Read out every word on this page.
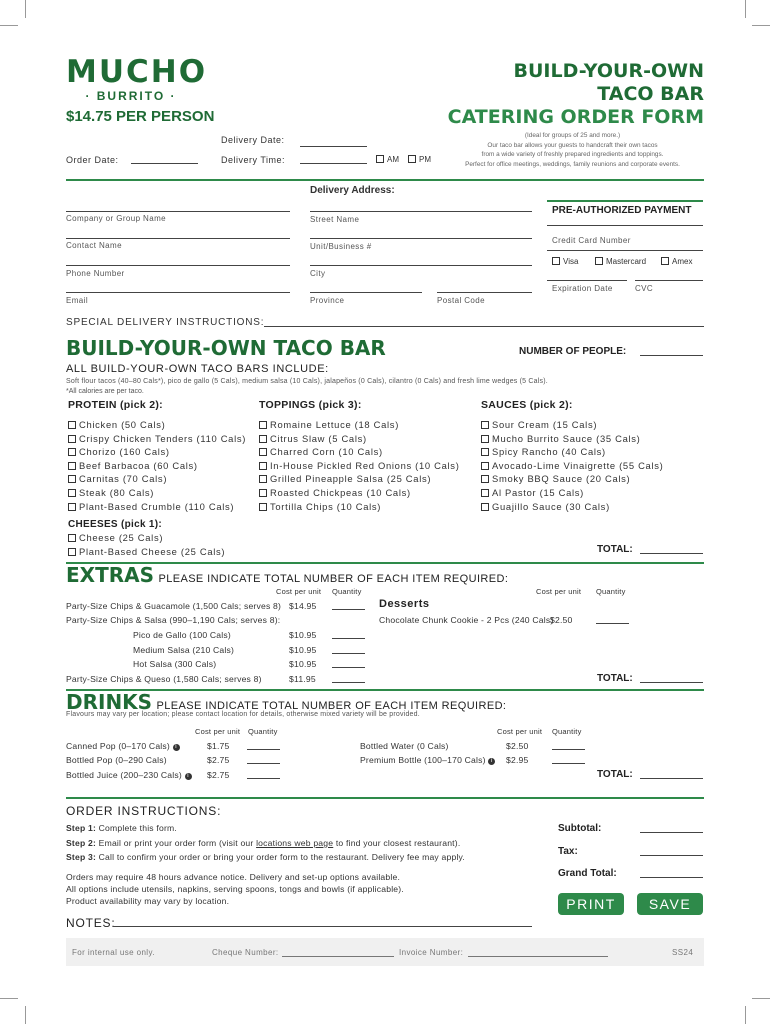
MUCHO
· BURRITO ·
$14.75 PER PERSON
BUILD-YOUR-OWN
TACO BAR
CATERING ORDER FORM
(Ideal for groups of 25 and more.)
Our taco bar allows your guests to handcraft their own tacos
from a wide variety of freshly prepared ingredients and toppings.
Perfect for office meetings, weddings, family reunions and corporate events.
Delivery Date:
Order Date:	Delivery Time:	AM	PM
Delivery Address:
Company or Group Name
Contact Name
Phone Number
Email
Street Name
Unit/Business #
City
Province	Postal Code
PRE-AUTHORIZED PAYMENT
Credit Card Number
Visa	Mastercard	Amex
Expiration Date	CVC
SPECIAL DELIVERY INSTRUCTIONS:
BUILD-YOUR-OWN TACO BAR	NUMBER OF PEOPLE:
ALL BUILD-YOUR-OWN TACO BARS INCLUDE:
Soft flour tacos (40–80 Cals*), pico de gallo (5 Cals), medium salsa (10 Cals), jalapeños (0 Cals), cilantro (0 Cals) and fresh lime wedges (5 Cals).
*All calories are per taco.
PROTEIN (pick 2):
Chicken (50 Cals)
Crispy Chicken Tenders (110 Cals)
Chorizo (160 Cals)
Beef Barbacoa (60 Cals)
Carnitas (70 Cals)
Steak (80 Cals)
Plant-Based Crumble (110 Cals)
TOPPINGS (pick 3):
Romaine Lettuce (18 Cals)
Citrus Slaw (5 Cals)
Charred Corn (10 Cals)
In-House Pickled Red Onions (10 Cals)
Grilled Pineapple Salsa (25 Cals)
Roasted Chickpeas (10 Cals)
Tortilla Chips (10 Cals)
SAUCES (pick 2):
Sour Cream (15 Cals)
Mucho Burrito Sauce (35 Cals)
Spicy Rancho (40 Cals)
Avocado-Lime Vinaigrette (55 Cals)
Smoky BBQ Sauce (20 Cals)
Al Pastor (15 Cals)
Guajillo Sauce (30 Cals)
CHEESES (pick 1):
Cheese (25 Cals)
Plant-Based Cheese (25 Cals)	TOTAL:
EXTRAS PLEASE INDICATE TOTAL NUMBER OF EACH ITEM REQUIRED:
Cost per unit Quantity	Cost per unit Quantity
Party-Size Chips & Guacamole (1,500 Cals; serves 8) $14.95
Party-Size Chips & Salsa (990–1,190 Cals; serves 8):
Pico de Gallo (100 Cals)	$10.95
Medium Salsa (210 Cals)	$10.95
Hot Salsa (300 Cals)	$10.95
Party-Size Chips & Queso (1,580 Cals; serves 8)	$11.95
Desserts
Chocolate Chunk Cookie - 2 Pcs (240 Cals)
$2.50
TOTAL:
DRINKS PLEASE INDICATE TOTAL NUMBER OF EACH ITEM REQUIRED:
Flavours may vary per location; please contact location for details, otherwise mixed variety will be provided.
Cost per unit Quantity	Cost per unit Quantity
Canned Pop (0–170 Cals) i	$1.75
Bottled Pop (0–290 Cals)	$2.75
Bottled Juice (200–230 Cals) i	$2.75
Bottled Water (0 Cals)	$2.50
Premium Bottle (100–170 Cals) i	$2.95
TOTAL:
ORDER INSTRUCTIONS:
Step 1: Complete this form.
Step 2: Email or print your order form (visit our locations web page to find your closest restaurant).
Step 3: Call to confirm your order or bring your order form to the restaurant. Delivery fee may apply.
Orders may require 48 hours advance notice. Delivery and set-up options available.
All options include utensils, napkins, serving spoons, tongs and bowls (if applicable).
Product availability may vary by location.
Subtotal:
Tax:
Grand Total:
PRINT	SAVE
NOTES:
For internal use only.	Cheque Number:	Invoice Number:	SS24
